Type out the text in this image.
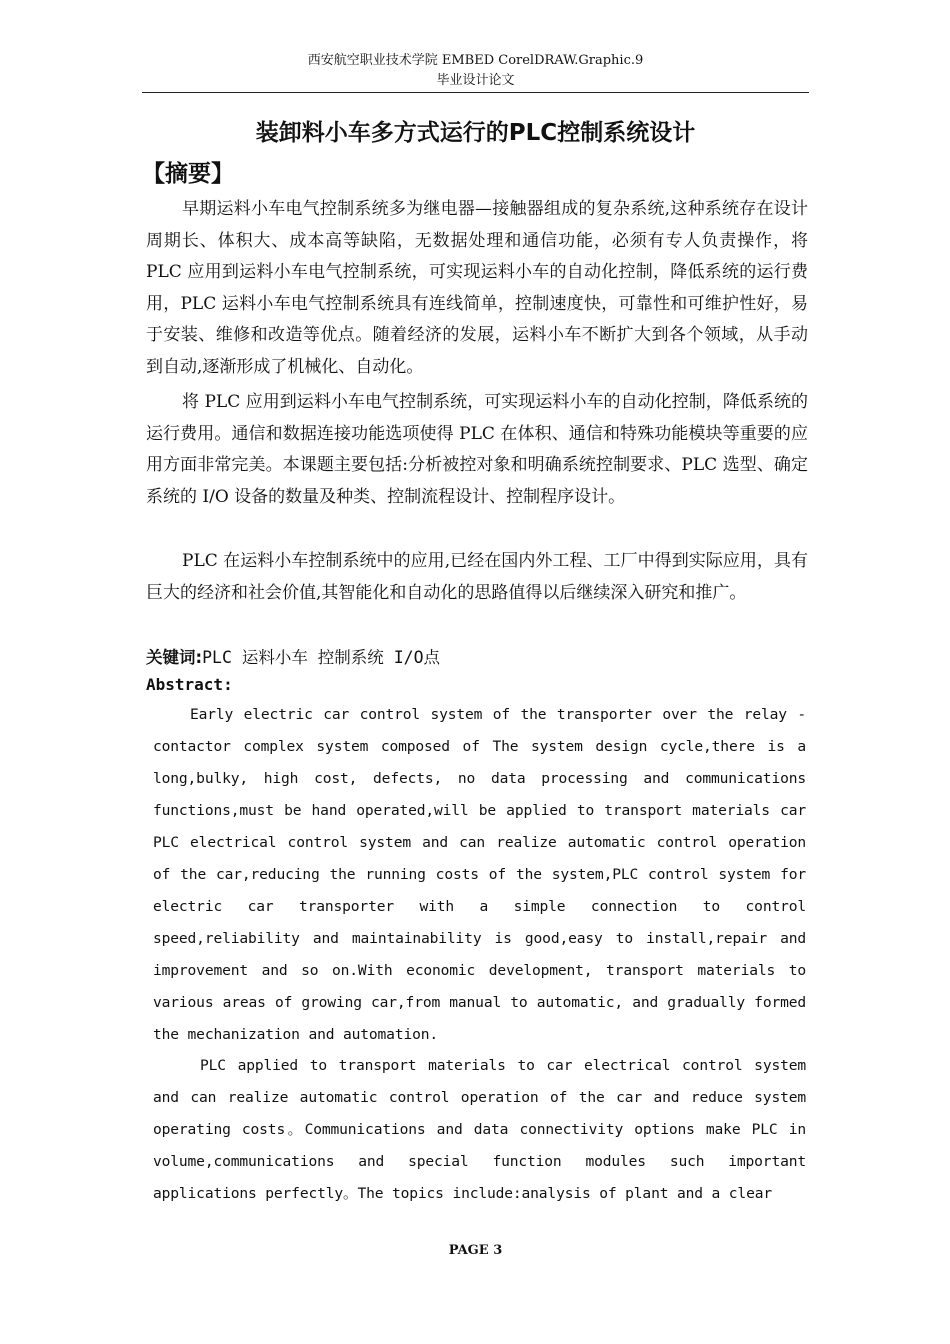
西安航空职业技术学院 EMBED CorelDRAW.Graphic.9
毕业设计论文
装卸料小车多方式运行的PLC控制系统设计
【摘要】

早期运料小车电气控制系统多为继电器—接触器组成的复杂系统,这种系统存在设计周期长、体积大、成本高等缺陷，无数据处理和通信功能，必须有专人负责操作，将 PLC 应用到运料小车电气控制系统，可实现运料小车的自动化控制，降低系统的运行费用，PLC 运料小车电气控制系统具有连线简单，控制速度快，可靠性和可维护性好，易于安装、维修和改造等优点。随着经济的发展，运料小车不断扩大到各个领域，从手动到自动,逐渐形成了机械化、自动化。

将 PLC 应用到运料小车电气控制系统，可实现运料小车的自动化控制，降低系统的运行费用。通信和数据连接功能选项使得 PLC 在体积、通信和特殊功能模块等重要的应用方面非常完美。本课题主要包括:分析被控对象和明确系统控制要求、PLC 选型、确定系统的 I/O 设备的数量及种类、控制流程设计、控制程序设计。

PLC 在运料小车控制系统中的应用,已经在国内外工程、工厂中得到实际应用，具有巨大的经济和社会价值,其智能化和自动化的思路值得以后继续深入研究和推广。

关键词:PLC 运料小车 控制系统 I/O点
Abstract:

Early electric car control system of the transporter over the relay - contactor complex system composed of The system design cycle,there is a long,bulky, high cost, defects, no data processing and communications functions,must be hand operated,will be applied to transport materials car PLC electrical control system and can realize automatic control operation of the car,reducing the running costs of the system,PLC control system for electric car transporter with a simple connection to control speed,reliability and maintainability is good,easy to install,repair and improvement and so on.With economic development, transport materials to various areas of growing car,from manual to automatic, and gradually formed the mechanization and automation.

PLC applied to transport materials to car electrical control system and can realize automatic control operation of the car and reduce system operating costs。Communications and data connectivity options make PLC in volume,communications and special function modules such important applications perfectly。The topics include:analysis of plant and a clear

PAGE 3
